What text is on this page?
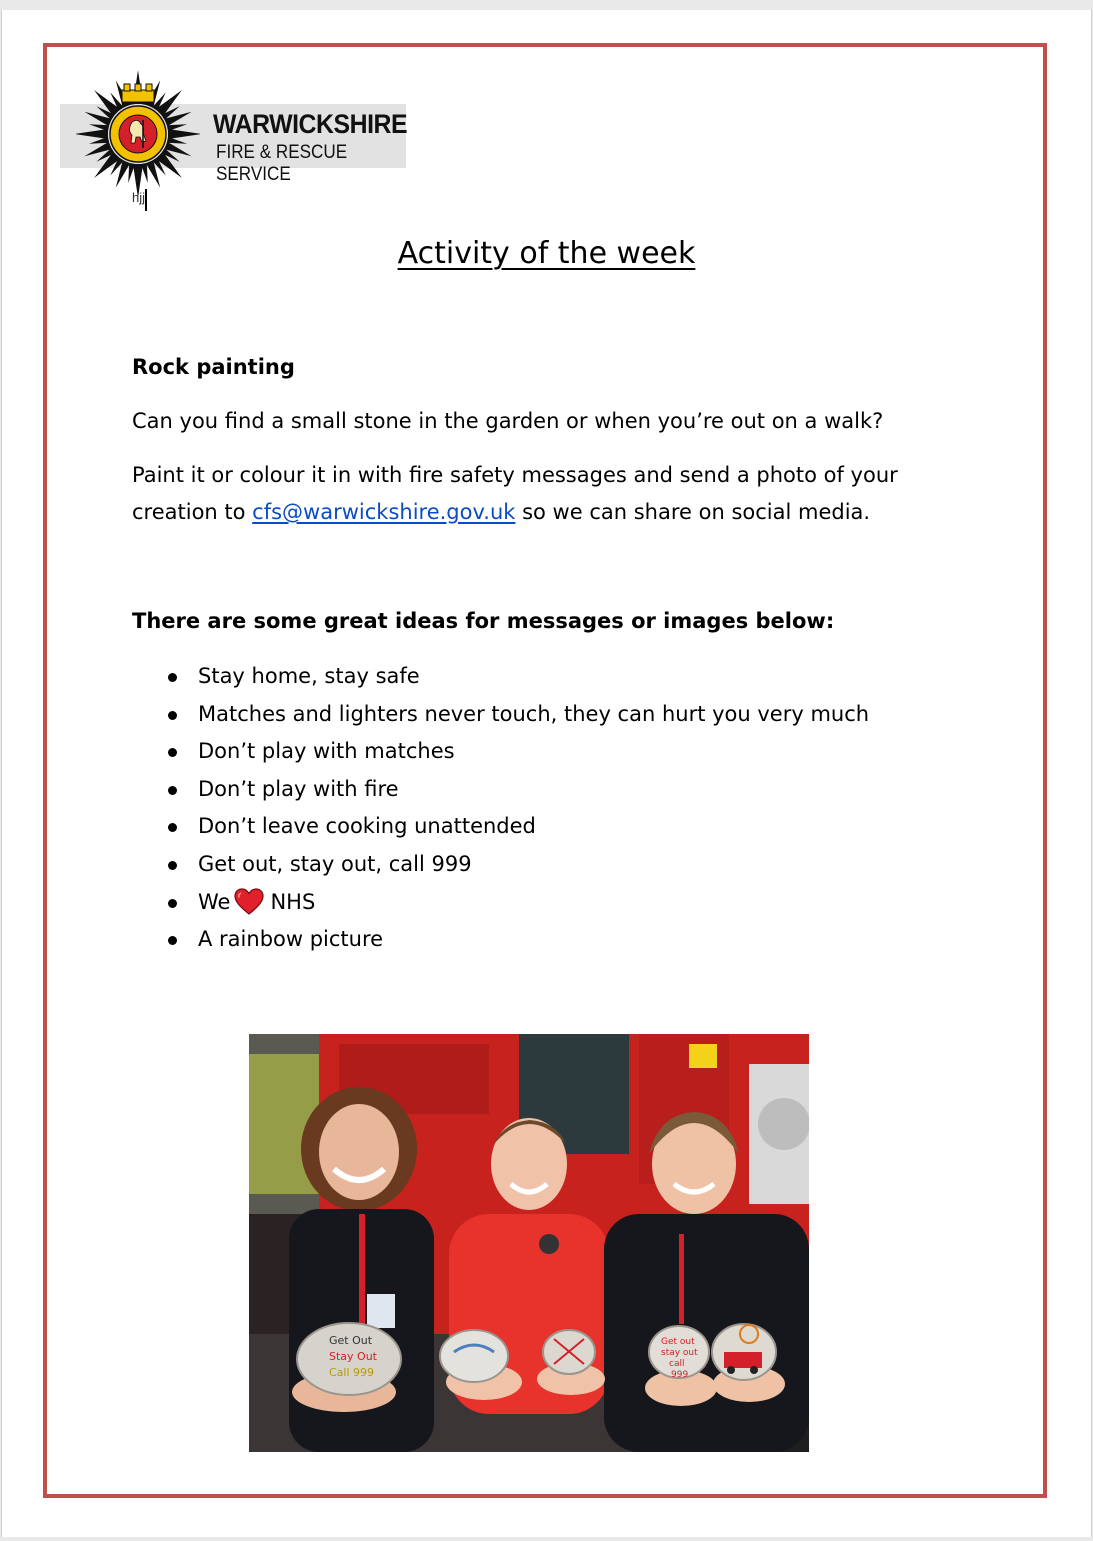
WARWICKSHIRE
FIRE & RESCUE SERVICE
hjj
Activity of the week
Rock painting
Can you find a small stone in the garden or when you’re out on a walk?
Paint it or colour it in with fire safety messages and send a photo of your
creation to cfs@warwickshire.gov.uk so we can share on social media.
There are some great ideas for messages or images below:
Stay home, stay safe
Matches and lighters never touch, they can hurt you very much
Don’t play with matches
Don’t play with fire
Don’t leave cooking unattended
Get out, stay out, call 999
We NHS
A rainbow picture
Get Out
Stay Out
Call 999
Get out
stay out
call
999
